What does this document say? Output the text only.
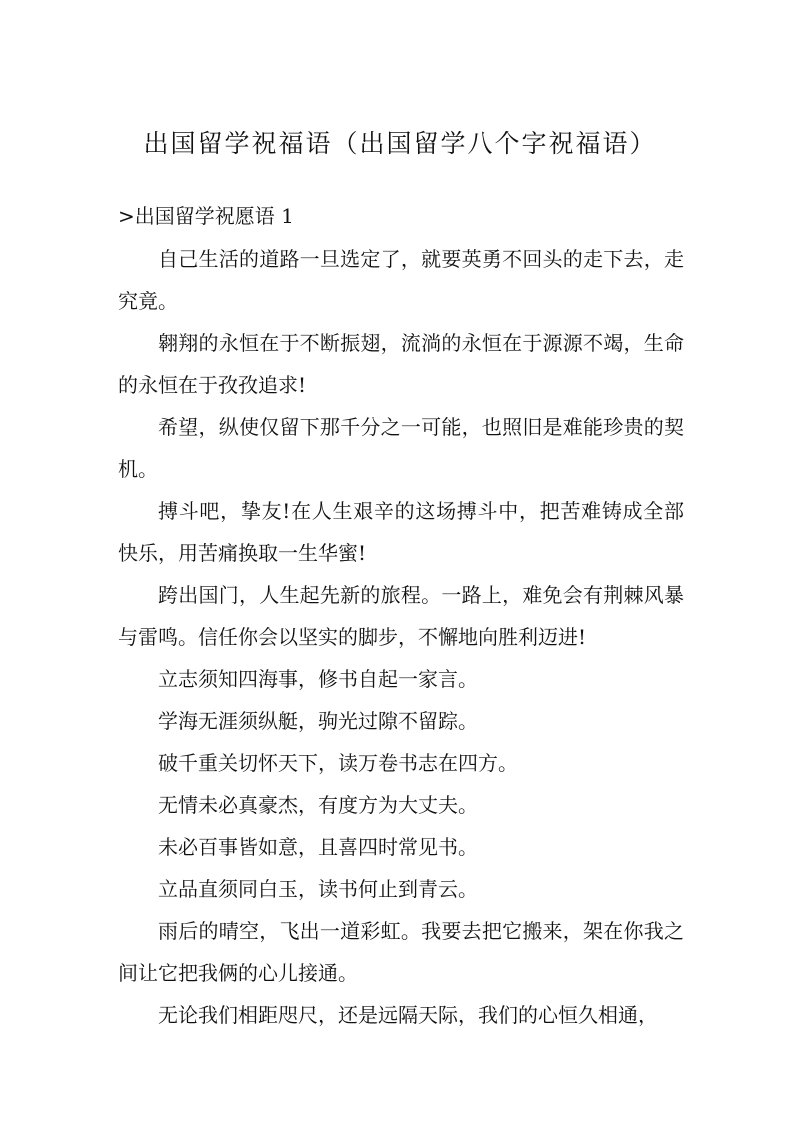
出国留学祝福语（出国留学八个字祝福语）

>出国留学祝愿语 1

自己生活的道路一旦选定了，就要英勇不回头的走下去，走究竟。

翱翔的永恒在于不断振翅，流淌的永恒在于源源不竭，生命的永恒在于孜孜追求!

希望，纵使仅留下那千分之一可能，也照旧是难能珍贵的契机。

搏斗吧，挚友!在人生艰辛的这场搏斗中，把苦难铸成全部快乐，用苦痛换取一生华蜜!

跨出国门，人生起先新的旅程。一路上，难免会有荆棘风暴与雷鸣。信任你会以坚实的脚步，不懈地向胜利迈进!

立志须知四海事，修书自起一家言。

学海无涯须纵艇，驹光过隙不留踪。

破千重关切怀天下，读万卷书志在四方。

无情未必真豪杰，有度方为大丈夫。

未必百事皆如意，且喜四时常见书。

立品直须同白玉，读书何止到青云。

雨后的晴空，飞出一道彩虹。我要去把它搬来，架在你我之间让它把我俩的心儿接通。

无论我们相距咫尺，还是远隔天际，我们的心恒久相通，
